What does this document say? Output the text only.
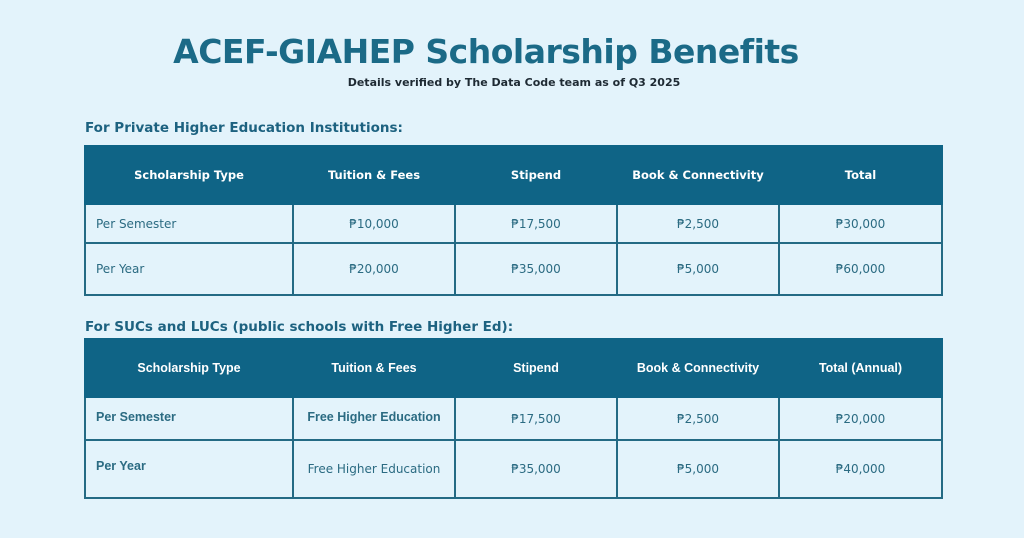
ACEF-GIAHEP Scholarship Benefits
Details verified by The Data Code team as of Q3 2025
For Private Higher Education Institutions:
Scholarship Type	Tuition & Fees	Stipend	Book & Connectivity	Total
Per Semester	₱10,000	₱17,500	₱2,500	₱30,000
Per Year	₱20,000	₱35,000	₱5,000	₱60,000
For SUCs and LUCs (public schools with Free Higher Ed):
Scholarship Type	Tuition & Fees	Stipend	Book & Connectivity	Total (Annual)
Per Semester	Free Higher Education	₱17,500	₱2,500	₱20,000
Per Year	Free Higher Education	₱35,000	₱5,000	₱40,000
